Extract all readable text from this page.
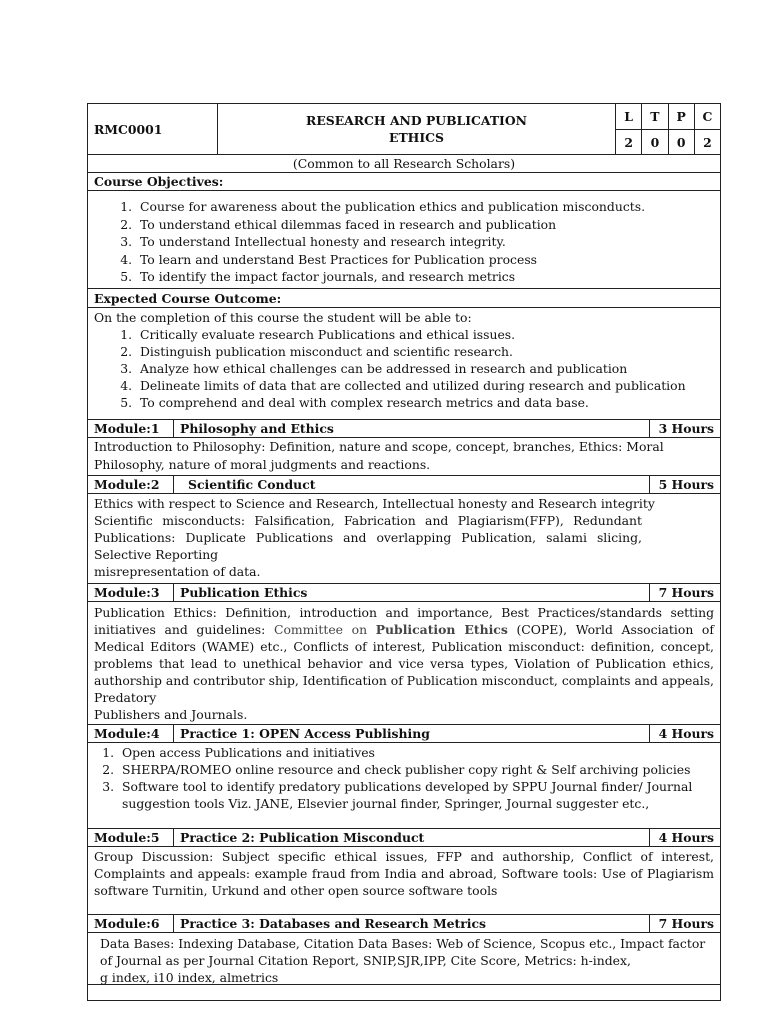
RMC0001
RESEARCH AND PUBLICATION ETHICS
L	T	P	C
2	0	0	2
(Common to all Research Scholars)
Course Objectives:
1. Course for awareness about the publication ethics and publication misconducts.
2. To understand ethical dilemmas faced in research and publication
3. To understand Intellectual honesty and research integrity.
4. To learn and understand Best Practices for Publication process
5. To identify the impact factor journals, and research metrics
Expected Course Outcome:
On the completion of this course the student will be able to:
1. Critically evaluate research Publications and ethical issues.
2. Distinguish publication misconduct and scientific research.
3. Analyze how ethical challenges can be addressed in research and publication
4. Delineate limits of data that are collected and utilized during research and publication
5. To comprehend and deal with complex research metrics and data base.
Module:1	Philosophy and Ethics	3 Hours
Introduction to Philosophy: Definition, nature and scope, concept, branches, Ethics: Moral Philosophy, nature of moral judgments and reactions.
Module:2	Scientific Conduct	5 Hours
Ethics with respect to Science and Research, Intellectual honesty and Research integrity
Scientific misconducts: Falsification, Fabrication and Plagiarism(FFP), Redundant Publications: Duplicate Publications and overlapping Publication, salami slicing, Selective Reporting
misrepresentation of data.
Module:3	Publication Ethics	7 Hours
Publication Ethics: Definition, introduction and importance, Best Practices/standards setting initiatives and guidelines: Committee on Publication Ethics (COPE), World Association of Medical Editors (WAME) etc., Conflicts of interest, Publication misconduct: definition, concept, problems that lead to unethical behavior and vice versa types, Violation of Publication ethics, authorship and contributor ship, Identification of Publication misconduct, complaints and appeals, Predatory
Publishers and Journals.
Module:4	Practice 1: OPEN Access Publishing	4 Hours
1. Open access Publications and initiatives
2. SHERPA/ROMEO online resource and check publisher copy right & Self archiving policies
3. Software tool to identify predatory publications developed by SPPU Journal finder/ Journal suggestion tools Viz. JANE, Elsevier journal finder, Springer, Journal suggester etc.,
Module:5	Practice 2: Publication Misconduct	4 Hours
Group Discussion: Subject specific ethical issues, FFP and authorship, Conflict of interest, Complaints and appeals: example fraud from India and abroad, Software tools: Use of Plagiarism software Turnitin, Urkund and other open source software tools
Module:6	Practice 3: Databases and Research Metrics	7 Hours
Data Bases: Indexing Database, Citation Data Bases: Web of Science, Scopus etc., Impact factor of Journal as per Journal Citation Report, SNIP,SJR,IPP, Cite Score, Metrics: h-index,
g index, i10 index, almetrics
